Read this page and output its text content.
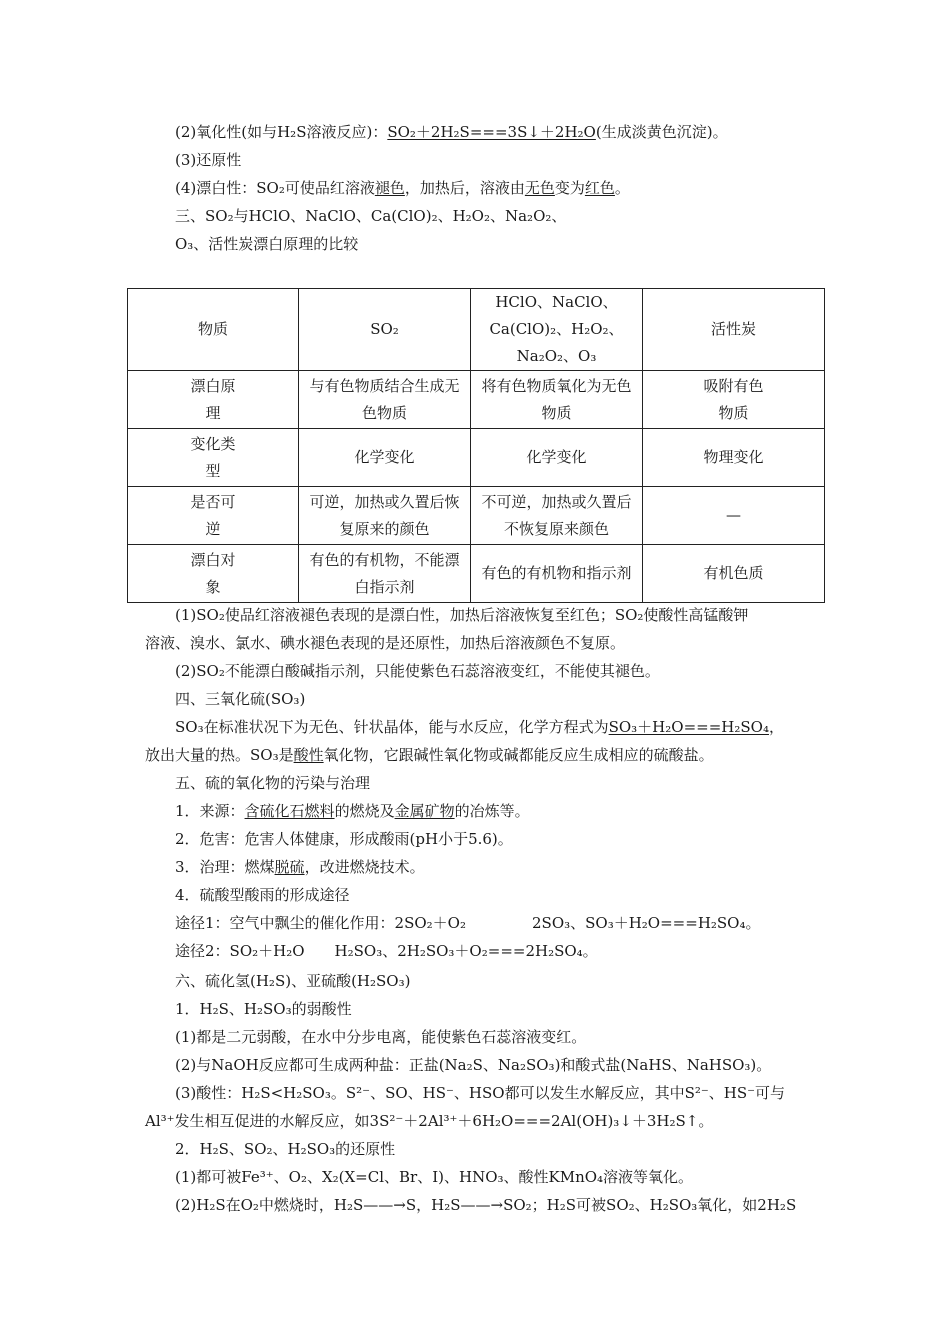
(2)氧化性(如与H₂S溶液反应)：SO₂＋2H₂S===3S↓＋2H₂O(生成淡黄色沉淀)。
(3)还原性
(4)漂白性：SO₂可使品红溶液褪色，加热后，溶液由无色变为红色。
三、SO₂与HClO、NaClO、Ca(ClO)₂、H₂O₂、Na₂O₂、
O₃、活性炭漂白原理的比较
物质	SO₂	HClO、NaClO、Ca(ClO)₂、H₂O₂、Na₂O₂、O₃	活性炭
漂白原理	与有色物质结合生成无色物质	将有色物质氧化为无色物质	吸附有色物质
变化类型	化学变化	化学变化	物理变化
是否可逆	可逆，加热或久置后恢复原来的颜色	不可逆，加热或久置后不恢复原来颜色	—
漂白对象	有色的有机物，不能漂白指示剂	有色的有机物和指示剂	有机色质
(1)SO₂使品红溶液褪色表现的是漂白性，加热后溶液恢复至红色；SO₂使酸性高锰酸钾
溶液、溴水、氯水、碘水褪色表现的是还原性，加热后溶液颜色不复原。
(2)SO₂不能漂白酸碱指示剂，只能使紫色石蕊溶液变红，不能使其褪色。
四、三氧化硫(SO₃)
SO₃在标准状况下为无色、针状晶体，能与水反应，化学方程式为SO₃＋H₂O===H₂SO₄，
放出大量的热。SO₃是酸性氧化物，它跟碱性氧化物或碱都能反应生成相应的硫酸盐。
五、硫的氧化物的污染与治理
1．来源：含硫化石燃料的燃烧及金属矿物的冶炼等。
2．危害：危害人体健康，形成酸雨(pH小于5.6)。
3．治理：燃煤脱硫，改进燃烧技术。
4．硫酸型酸雨的形成途径
途径1：空气中飘尘的催化作用：2SO₂＋O₂	2SO₃、SO₃＋H₂O===H₂SO₄。
途径2：SO₂＋H₂O H₂SO₃、2H₂SO₃＋O₂===2H₂SO₄。
六、硫化氢(H₂S)、亚硫酸(H₂SO₃)
1．H₂S、H₂SO₃的弱酸性
(1)都是二元弱酸，在水中分步电离，能使紫色石蕊溶液变红。
(2)与NaOH反应都可生成两种盐：正盐(Na₂S、Na₂SO₃)和酸式盐(NaHS、NaHSO₃)。
(3)酸性：H₂S<H₂SO₃。S²⁻、SO、HS⁻、HSO都可以发生水解反应，其中S²⁻、HS⁻可与
Al³⁺发生相互促进的水解反应，如3S²⁻＋2Al³⁺＋6H₂O===2Al(OH)₃↓＋3H₂S↑。
2．H₂S、SO₂、H₂SO₃的还原性
(1)都可被Fe³⁺、O₂、X₂(X=Cl、Br、I)、HNO₃、酸性KMnO₄溶液等氧化。
(2)H₂S在O₂中燃烧时，H₂S——→S，H₂S——→SO₂；H₂S可被SO₂、H₂SO₃氧化，如2H₂S
